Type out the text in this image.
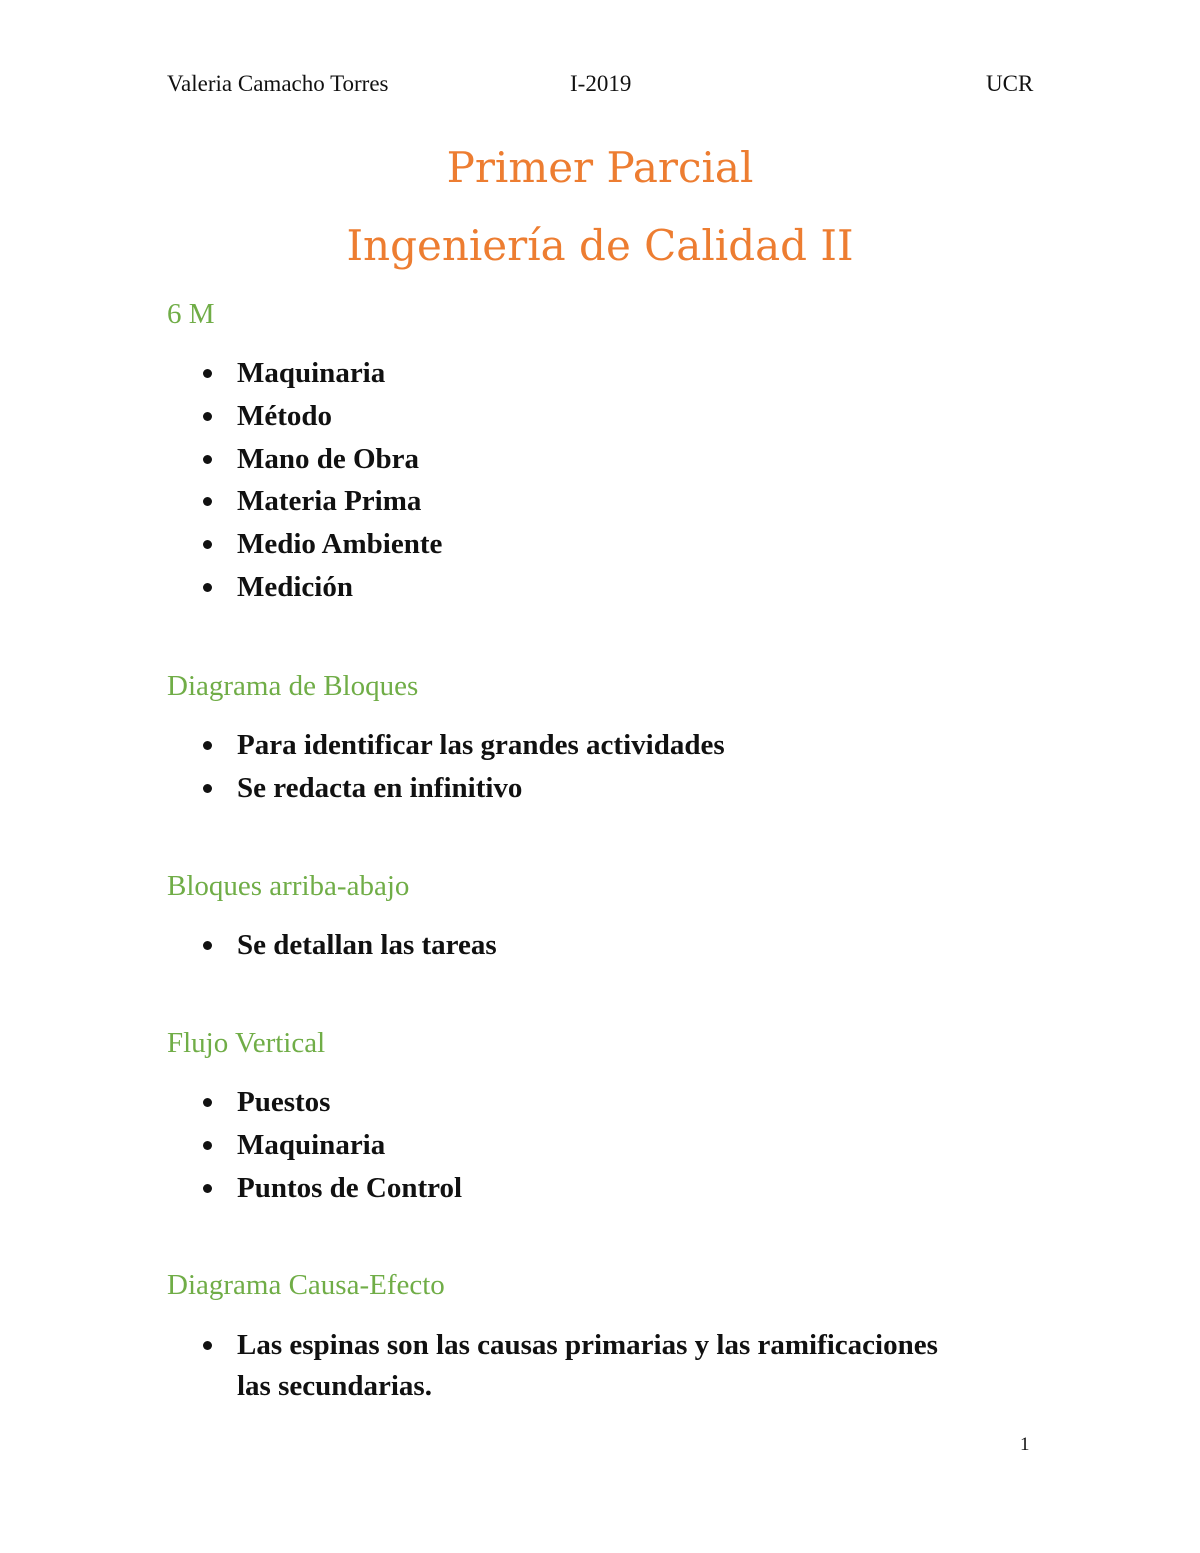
Valeria Camacho Torres	I-2019	UCR
Primer Parcial
Ingeniería de Calidad II
6 M
Maquinaria
Método
Mano de Obra
Materia Prima
Medio Ambiente
Medición
Diagrama de Bloques
Para identificar las grandes actividades
Se redacta en infinitivo
Bloques arriba-abajo
Se detallan las tareas
Flujo Vertical
Puestos
Maquinaria
Puntos de Control
Diagrama Causa-Efecto
Las espinas son las causas primarias y las ramificaciones las secundarias.
1
